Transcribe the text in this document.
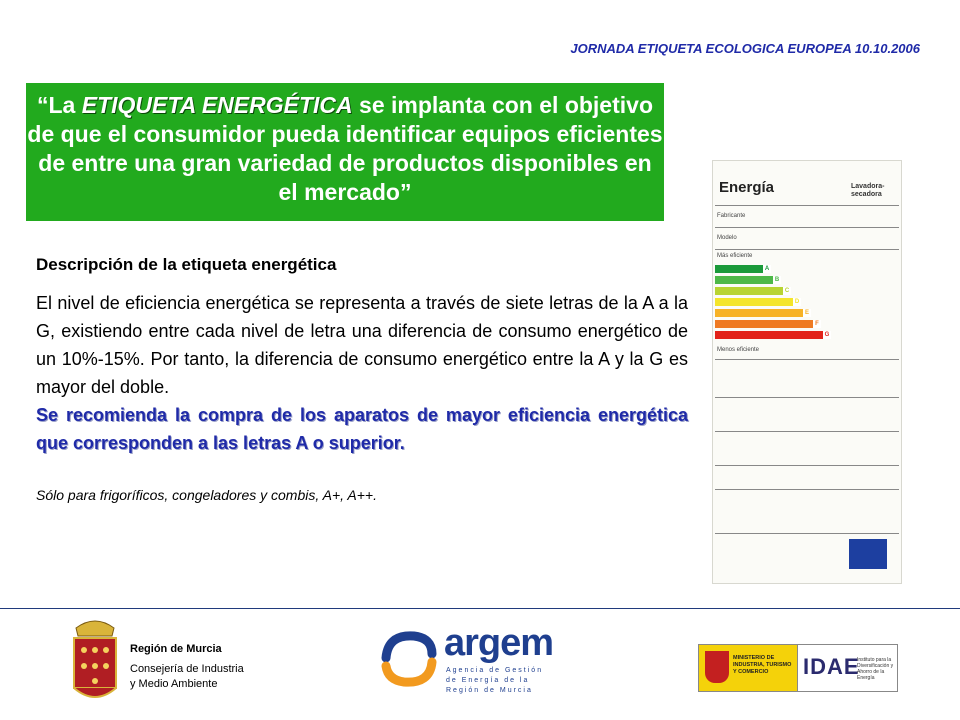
JORNADA ETIQUETA ECOLOGICA EUROPEA 10.10.2006
“La ETIQUETA ENERGÉTICA se implanta con el objetivo de que el consumidor pueda identificar equipos eficientes de entre una gran variedad de productos disponibles en el mercado”
Descripción de la etiqueta energética
El nivel de eficiencia energética se representa a través de siete letras de la A a la G, existiendo entre cada nivel de letra una diferencia de consumo energético de un 10%-15%. Por tanto, la diferencia de consumo energético entre la A y la G es mayor del doble.
Se recomienda la compra de los aparatos de mayor eficiencia energética que corresponden a las letras A o superior.
Sólo para frigoríficos, congeladores y combis, A+, A++.
Energía	Lavadora-secadora
Fabricante
Modelo
Más eficiente
A
B
C
D
E
F
G
Menos eficiente
Región de Murcia
Consejería de Industria y Medio Ambiente
argem
Agencia de Gestión de Energía de la Región de Murcia
MINISTERIO DE INDUSTRIA, TURISMO Y COMERCIO	IDAE
Instituto para la Diversificación y Ahorro de la Energía
